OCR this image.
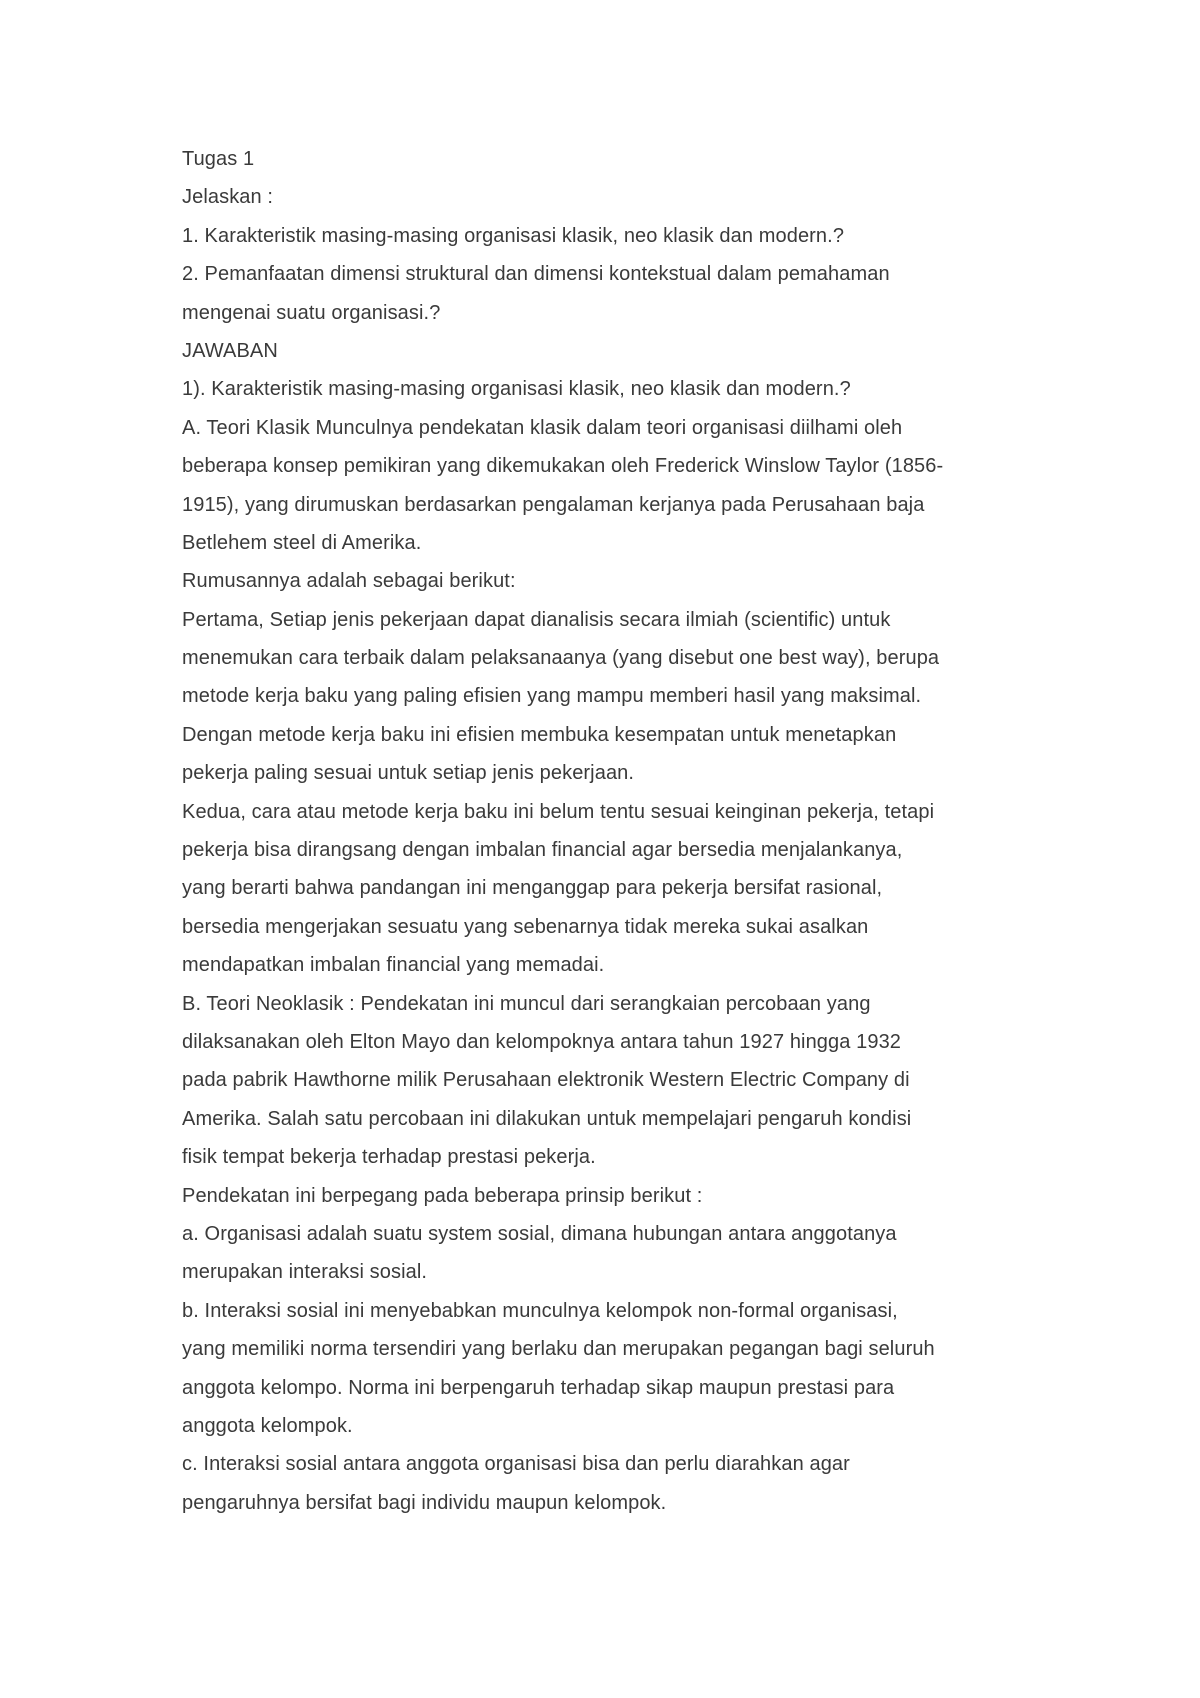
Tugas 1

Jelaskan :

1. Karakteristik masing-masing organisasi klasik, neo klasik dan modern.?

2. Pemanfaatan dimensi struktural dan dimensi kontekstual dalam pemahaman

mengenai suatu organisasi.?

JAWABAN

1). Karakteristik masing-masing organisasi klasik, neo klasik dan modern.?

A. Teori Klasik Munculnya pendekatan klasik dalam teori organisasi diilhami oleh

beberapa konsep pemikiran yang dikemukakan oleh Frederick Winslow Taylor (1856-

1915), yang dirumuskan berdasarkan pengalaman kerjanya pada Perusahaan baja

Betlehem steel di Amerika.

Rumusannya adalah sebagai berikut:

Pertama, Setiap jenis pekerjaan dapat dianalisis secara ilmiah (scientific) untuk

menemukan cara terbaik dalam pelaksanaanya (yang disebut one best way), berupa

metode kerja baku yang paling efisien yang mampu memberi hasil yang maksimal.

Dengan metode kerja baku ini efisien membuka kesempatan untuk menetapkan

pekerja paling sesuai untuk setiap jenis pekerjaan.

Kedua, cara atau metode kerja baku ini belum tentu sesuai keinginan pekerja, tetapi

pekerja bisa dirangsang dengan imbalan financial agar bersedia menjalankanya,

yang berarti bahwa pandangan ini menganggap para pekerja bersifat rasional,

bersedia mengerjakan sesuatu yang sebenarnya tidak mereka sukai asalkan

mendapatkan imbalan financial yang memadai.

B. Teori Neoklasik : Pendekatan ini muncul dari serangkaian percobaan yang

dilaksanakan oleh Elton Mayo dan kelompoknya antara tahun 1927 hingga 1932

pada pabrik Hawthorne milik Perusahaan elektronik Western Electric Company di

Amerika. Salah satu percobaan ini dilakukan untuk mempelajari pengaruh kondisi

fisik tempat bekerja terhadap prestasi pekerja.

Pendekatan ini berpegang pada beberapa prinsip berikut :

a. Organisasi adalah suatu system sosial, dimana hubungan antara anggotanya

merupakan interaksi sosial.

b. Interaksi sosial ini menyebabkan munculnya kelompok non-formal organisasi,

yang memiliki norma tersendiri yang berlaku dan merupakan pegangan bagi seluruh

anggota kelompo. Norma ini berpengaruh terhadap sikap maupun prestasi para

anggota kelompok.

c. Interaksi sosial antara anggota organisasi bisa dan perlu diarahkan agar

pengaruhnya bersifat bagi individu maupun kelompok.
